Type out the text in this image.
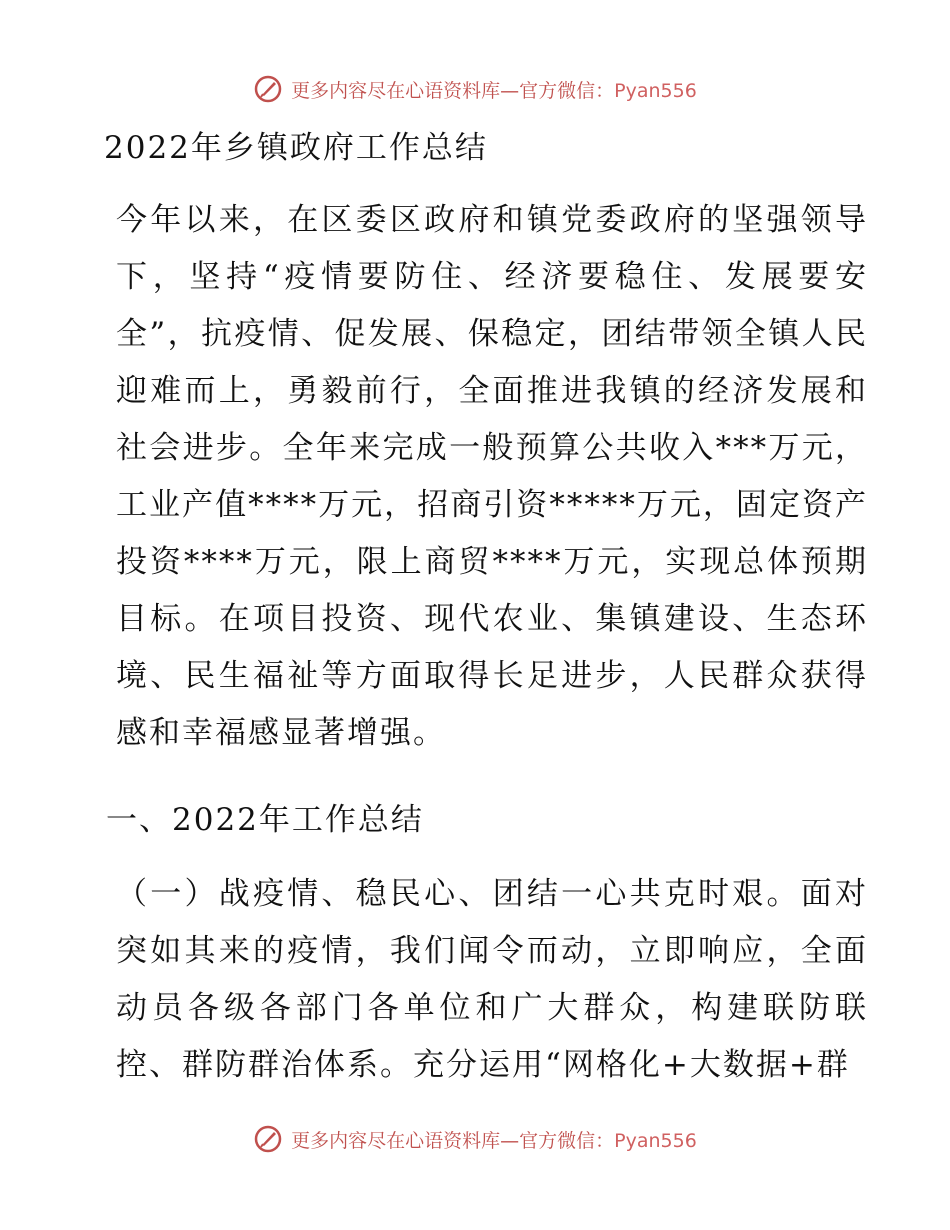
更多内容尽在心语资料库—官方微信：Pyan556
2022年乡镇政府工作总结

今年以来，在区委区政府和镇党委政府的坚强领导下，坚持“疫情要防住、经济要稳住、发展要安全”，抗疫情、促发展、保稳定，团结带领全镇人民迎难而上，勇毅前行，全面推进我镇的经济发展和社会进步。全年来完成一般预算公共收入***万元，工业产值****万元，招商引资*****万元，固定资产投资****万元，限上商贸****万元，实现总体预期目标。在项目投资、现代农业、集镇建设、生态环境、民生福祉等方面取得长足进步，人民群众获得感和幸福感显著增强。

一、2022年工作总结

（一）战疫情、稳民心、团结一心共克时艰。面对突如其来的疫情，我们闻令而动，立即响应，全面动员各级各部门各单位和广大群众，构建联防联控、群防群治体系。充分运用“网格化+大数据+群

更多内容尽在心语资料库—官方微信：Pyan556
